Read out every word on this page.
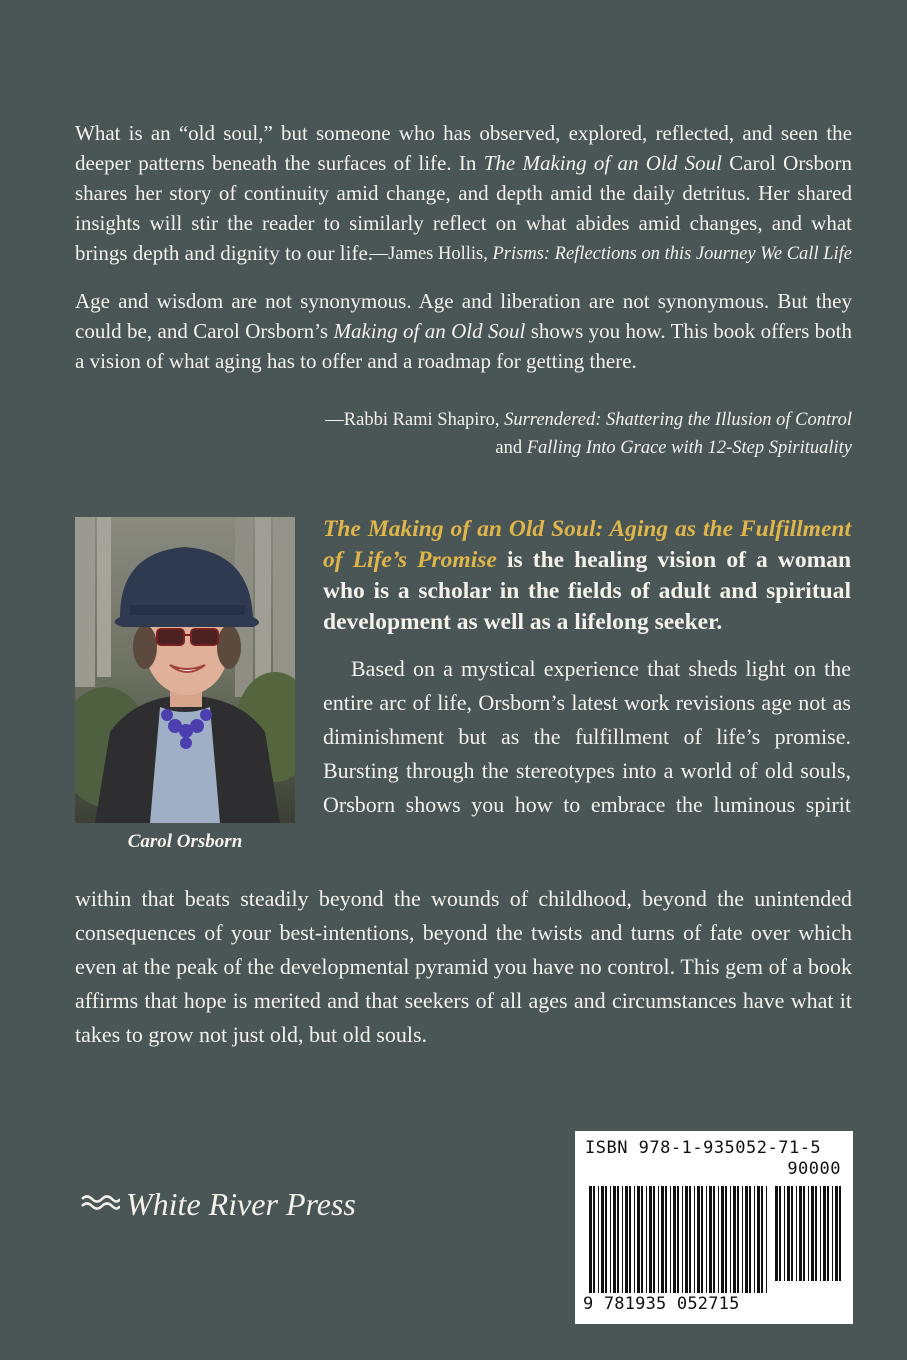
What is an “old soul,” but someone who has observed, explored, reflected, and seen the deeper patterns beneath the surfaces of life. In The Making of an Old Soul Carol Orsborn shares her story of continuity amid change, and depth amid the daily detritus. Her shared insights will stir the reader to similarly reflect on what abides amid changes, and what brings depth and dignity to our life.
—James Hollis, Prisms: Reflections on this Journey We Call Life
Age and wisdom are not synonymous. Age and liberation are not synonymous. But they could be, and Carol Orsborn’s Making of an Old Soul shows you how. This book offers both a vision of what aging has to offer and a roadmap for getting there.
—Rabbi Rami Shapiro, Surrendered: Shattering the Illusion of Control
and Falling Into Grace with 12-Step Spirituality
Carol Orsborn
The Making of an Old Soul: Aging as the Fulfillment of Life’s Promise is the healing vision of a woman who is a scholar in the fields of adult and spiritual development as well as a lifelong seeker.
Based on a mystical experience that sheds light on the entire arc of life, Orsborn’s latest work revisions age not as diminishment but as the fulfillment of life’s promise. Bursting through the stereotypes into a world of old souls, Orsborn shows you how to embrace the luminous spirit
within that beats steadily beyond the wounds of childhood, beyond the unintended consequences of your best-intentions, beyond the twists and turns of fate over which even at the peak of the developmental pyramid you have no control. This gem of a book affirms that hope is merited and that seekers of all ages and circumstances have what it takes to grow not just old, but old souls.
White River Press
ISBN 978-1-935052-71-5
90000
9 781935 052715
